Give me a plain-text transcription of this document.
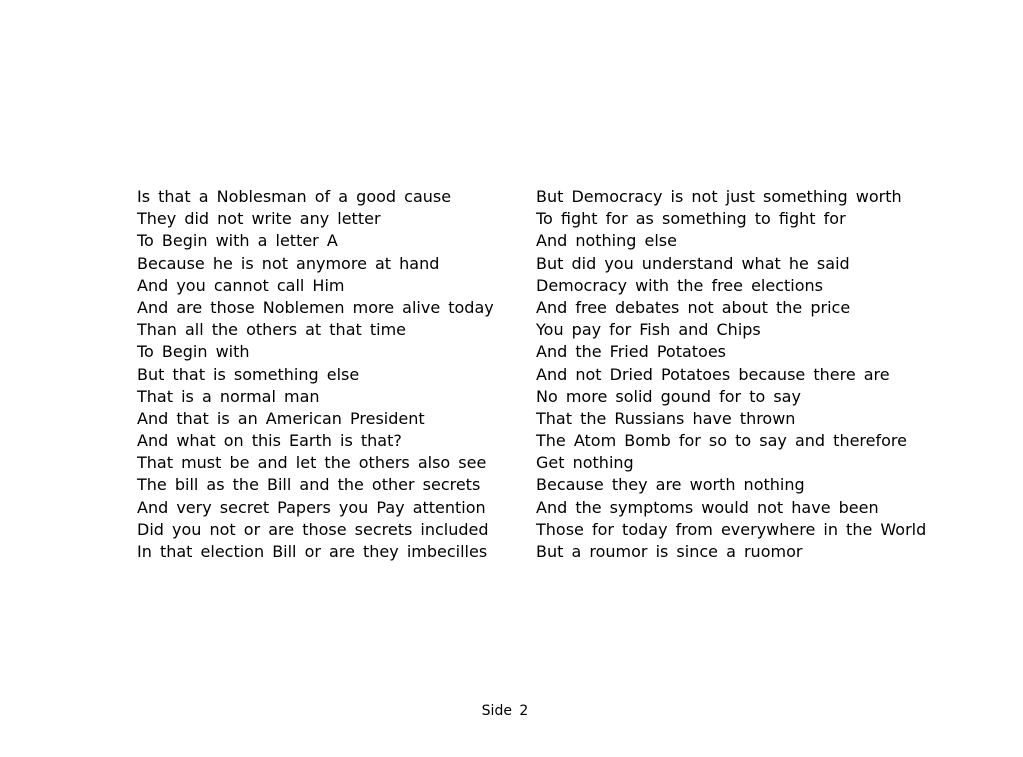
Is that a Noblesman of a good cause
They did not write any letter
To Begin with a letter A
Because he is not anymore at hand
And you cannot call Him
And are those Noblemen more alive today
Than all the others at that time
To Begin with
But that is something else
That is a normal man
And that is an American President
And what on this Earth is that?
That must be and let the others also see
The bill as the Bill and the other secrets
And very secret Papers you Pay attention
Did you not or are those secrets included
In that election Bill or are they imbecilles
But Democracy is not just something worth
To fight for as something to fight for
And nothing else
But did you understand what he said
Democracy with the free elections
And free debates not about the price
You pay for Fish and Chips
And the Fried Potatoes
And not Dried Potatoes because there are
No more solid gound for to say
That the Russians have thrown
The Atom Bomb for so to say and therefore
Get nothing
Because they are worth nothing
And the symptoms would not have been
Those for today from everywhere in the World
But a roumor is since a ruomor
Side 2
